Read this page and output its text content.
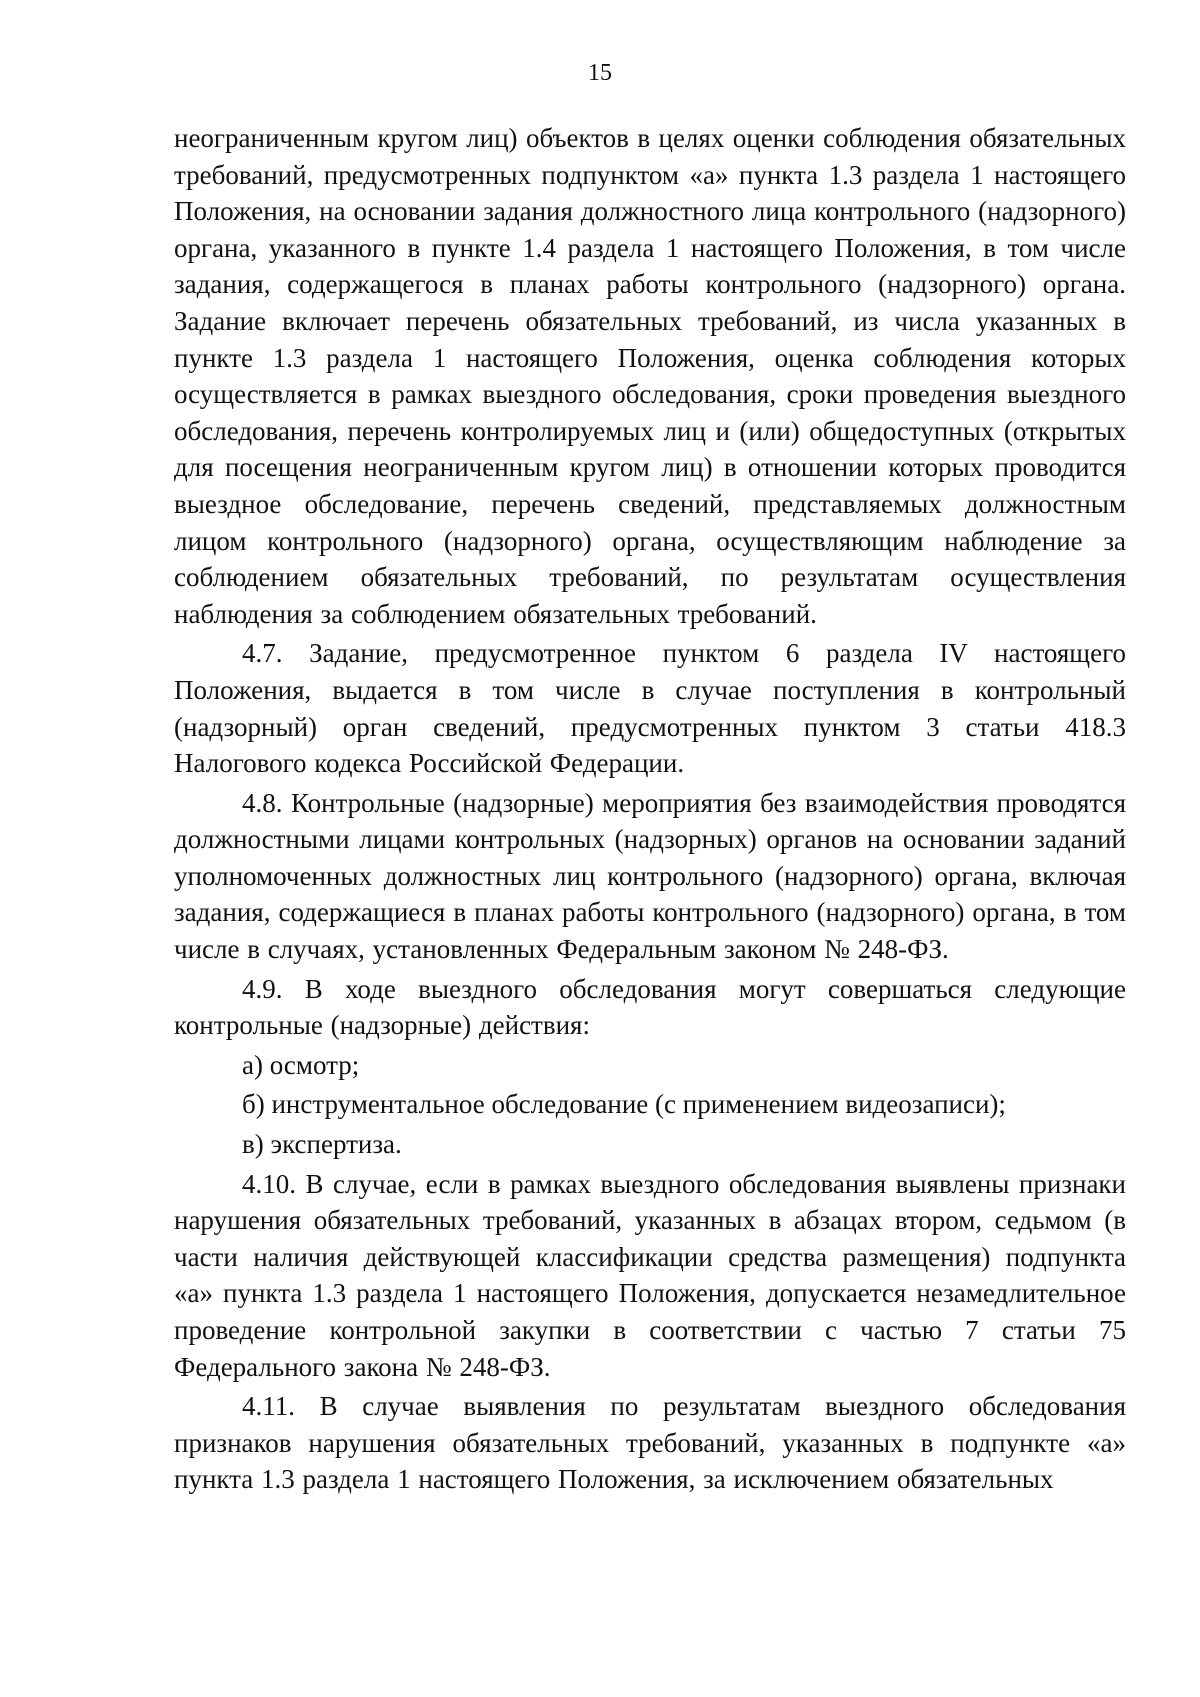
15

неограниченным кругом лиц) объектов в целях оценки соблюдения обязательных требований, предусмотренных подпунктом «а» пункта 1.3 раздела 1 настоящего Положения, на основании задания должностного лица контрольного (надзорного) органа, указанного в пункте 1.4 раздела 1 настоящего Положения, в том числе задания, содержащегося в планах работы контрольного (надзорного) органа. Задание включает перечень обязательных требований, из числа указанных в пункте 1.3 раздела 1 настоящего Положения, оценка соблюдения которых осуществляется в рамках выездного обследования, сроки проведения выездного обследования, перечень контролируемых лиц и (или) общедоступных (открытых для посещения неограниченным кругом лиц) в отношении которых проводится выездное обследование, перечень сведений, представляемых должностным лицом контрольного (надзорного) органа, осуществляющим наблюдение за соблюдением обязательных требований, по результатам осуществления наблюдения за соблюдением обязательных требований.

4.7. Задание, предусмотренное пунктом 6 раздела IV настоящего Положения, выдается в том числе в случае поступления в контрольный (надзорный) орган сведений, предусмотренных пунктом 3 статьи 418.3 Налогового кодекса Российской Федерации.

4.8. Контрольные (надзорные) мероприятия без взаимодействия проводятся должностными лицами контрольных (надзорных) органов на основании заданий уполномоченных должностных лиц контрольного (надзорного) органа, включая задания, содержащиеся в планах работы контрольного (надзорного) органа, в том числе в случаях, установленных Федеральным законом № 248-ФЗ.

4.9. В ходе выездного обследования могут совершаться следующие контрольные (надзорные) действия:

а) осмотр;

б) инструментальное обследование (с применением видеозаписи);

в) экспертиза.

4.10. В случае, если в рамках выездного обследования выявлены признаки нарушения обязательных требований, указанных в абзацах втором, седьмом (в части наличия действующей классификации средства размещения) подпункта «а» пункта 1.3 раздела 1 настоящего Положения, допускается незамедлительное проведение контрольной закупки в соответствии с частью 7 статьи 75 Федерального закона № 248-ФЗ.

4.11. В случае выявления по результатам выездного обследования признаков нарушения обязательных требований, указанных в подпункте «а» пункта 1.3 раздела 1 настоящего Положения, за исключением обязательных
